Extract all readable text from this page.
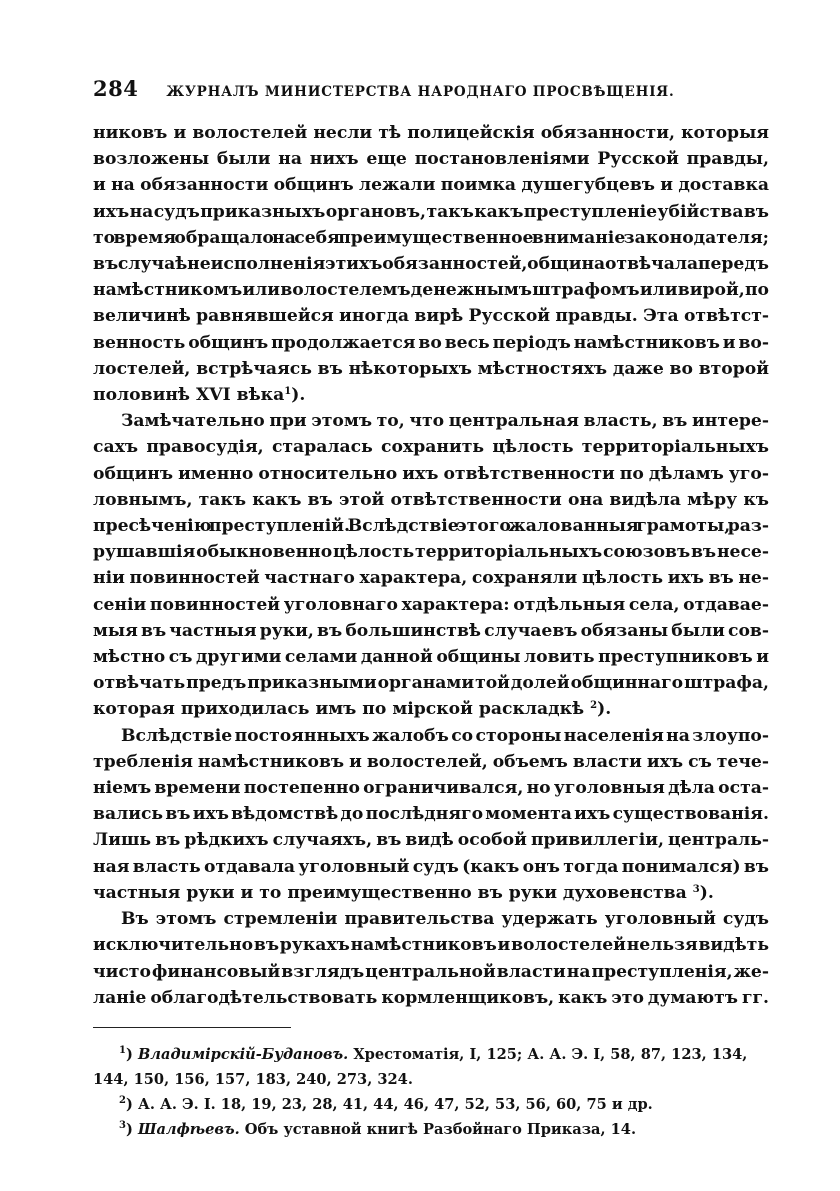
284 ЖУРНАЛЪ МИНИСТЕРСТВА НАРОДНАГО ПРОСВѢЩЕНІЯ.
никовъ и волостелей несли тѣ полицейскія обязанности, которыя
возложены были на нихъ еще постановленіями Русской правды,
и на обязанности общинъ лежали поимка душегубцевъ и доставка
ихъ на судъ приказныхъ органовъ, такъ какъ преступленіе убійства въ
то время обращало на себя преимущественное вниманіе законодателя;
въ случаѣ неисполненія этихъ обязанностей, община отвѣчала передъ
намѣстникомъ или волостелемъ денежнымъ штрафомъ или вирой, по
величинѣ равнявшейся иногда вирѣ Русской правды. Эта отвѣтст-
венность общинъ продолжается во весь періодъ намѣстниковъ и во-
лостелей, встрѣчаясь въ нѣкоторыхъ мѣстностяхъ даже во второй
половинѣ XVI вѣка$^1$).
Замѣчательно при этомъ то, что центральная власть, въ интере-
сахъ правосудія, старалась сохранить цѣлость территоріальныхъ
общинъ именно относительно ихъ отвѣтственности по дѣламъ уго-
ловнымъ, такъ какъ въ этой отвѣтственности она видѣла мѣру къ
пресѣченію преступленій. Вслѣдствіе этого жалованныя грамоты, раз-
рушавшія обыкновенно цѣлость территоріальныхъ союзовъ въ несе-
ніи повинностей частнаго характера, сохраняли цѣлость ихъ въ не-
сеніи повинностей уголовнаго характера: отдѣльныя села, отдавае-
мыя въ частныя руки, въ большинствѣ случаевъ обязаны были сов-
мѣстно съ другими селами данной общины ловить преступниковъ и
отвѣчать предъ приказными органами той долей общиннаго штрафа,
которая приходилась имъ по мірской раскладкѣ $^2$).
Вслѣдствіе постоянныхъ жалобъ со стороны населенія на злоупо-
требленія намѣстниковъ и волостелей, объемъ власти ихъ съ тече-
ніемъ времени постепенно ограничивался, но уголовныя дѣла оста-
вались въ ихъ вѣдомствѣ до послѣдняго момента ихъ существованія.
Лишь въ рѣдкихъ случаяхъ, въ видѣ особой привиллегіи, централь-
ная власть отдавала уголовный судъ (какъ онъ тогда понимался) въ
частныя руки и то преимущественно въ руки духовенства $^3$).
Въ этомъ стремленіи правительства удержать уголовный судъ
исключительно въ рукахъ намѣстниковъ и волостелей нельзя видѣть
чисто финансовый взглядъ центральной власти на преступленія, же-
ланіе облагодѣтельствовать кормленщиковъ, какъ это думаютъ гг.
$^1$) Владимірскій-Будановъ. Хрестоматія, I, 125; А. А. Э. I, 58, 87, 123, 134,
144, 150, 156, 157, 183, 240, 273, 324.
$^2$) А. А. Э. I. 18, 19, 23, 28, 41, 44, 46, 47, 52, 53, 56, 60, 75 и др.
$^3$) Шалфѣевъ. Объ уставной книгѣ Разбойнаго Приказа, 14.
